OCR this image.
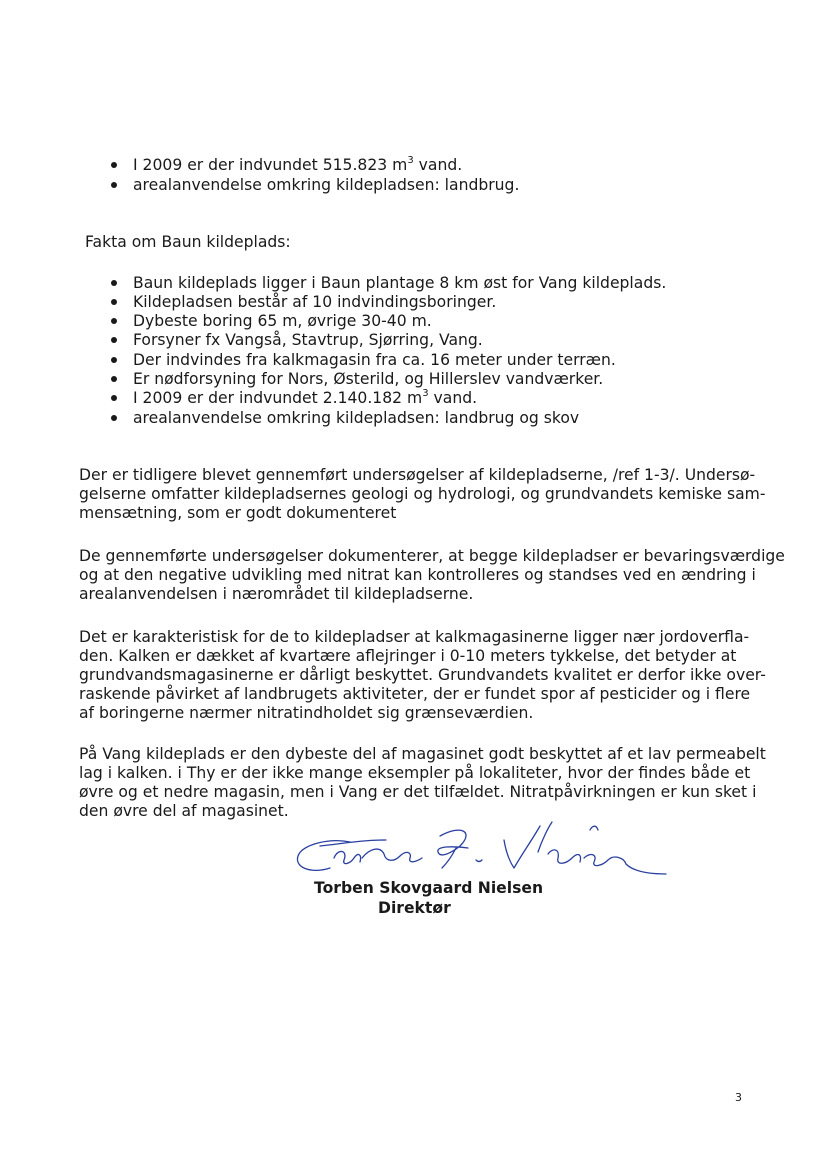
I 2009 er der indvundet 515.823 $m^3$ vand.
arealanvendelse omkring kildepladsen: landbrug.
Fakta om Baun kildeplads:
Baun kildeplads ligger i Baun plantage 8 km øst for Vang kildeplads.
Kildepladsen består af 10 indvindingsboringer.
Dybeste boring 65 m, øvrige 30-40 m.
Forsyner fx Vangså, Stavtrup, Sjørring, Vang.
Der indvindes fra kalkmagasin fra ca. 16 meter under terræn.
Er nødforsyning for Nors, Østerild, og Hillerslev vandværker.
I 2009 er der indvundet 2.140.182 $m^3$ vand.
arealanvendelse omkring kildepladsen: landbrug og skov
Der er tidligere blevet gennemført undersøgelser af kildepladserne, /ref 1-3/. Undersø-
gelserne omfatter kildepladsernes geologi og hydrologi, og grundvandets kemiske sam-
mensætning, som er godt dokumenteret
De gennemførte undersøgelser dokumenterer, at begge kildepladser er bevaringsværdige
og at den negative udvikling med nitrat kan kontrolleres og standses ved en ændring i
arealanvendelsen i nærområdet til kildepladserne.
Det er karakteristisk for de to kildepladser at kalkmagasinerne ligger nær jordoverfla-
den. Kalken er dækket af kvartære aflejringer i 0-10 meters tykkelse, det betyder at
grundvandsmagasinerne er dårligt beskyttet. Grundvandets kvalitet er derfor ikke over-
raskende påvirket af landbrugets aktiviteter, der er fundet spor af pesticider og i flere
af boringerne nærmer nitratindholdet sig grænseværdien.
På Vang kildeplads er den dybeste del af magasinet godt beskyttet af et lav permeabelt
lag i kalken. i Thy er der ikke mange eksempler på lokaliteter, hvor der findes både et
øvre og et nedre magasin, men i Vang er det tilfældet. Nitratpåvirkningen er kun sket i
den øvre del af magasinet.
Torben Skovgaard Nielsen
Direktør
3
